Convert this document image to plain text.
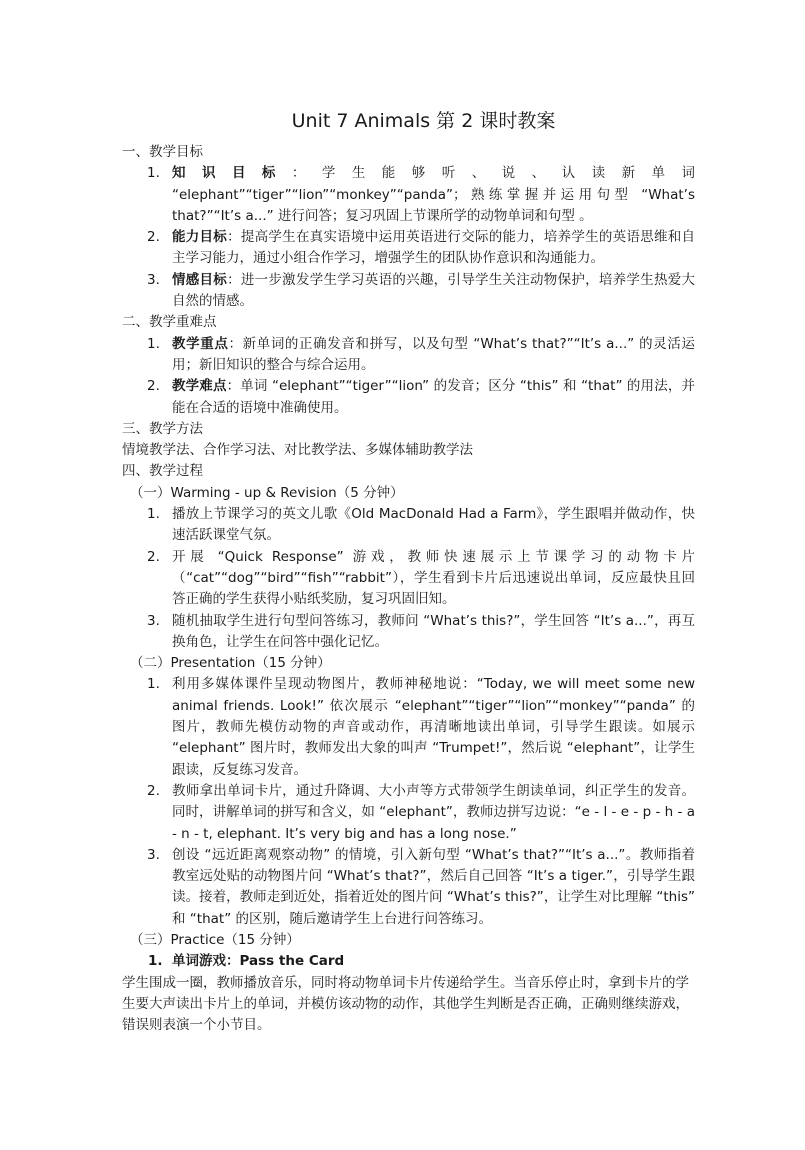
Unit 7 Animals 第 2 课时教案
一、教学目标
1. 知识目标：学生能够听、说、认读新单词 “elephant”“tiger”“lion”“monkey”“panda”；熟练掌握并运用句型 “What’s that?”“It’s a...” 进行问答；复习巩固上节课所学的动物单词和句型 。
2. 能力目标：提高学生在真实语境中运用英语进行交际的能力，培养学生的英语思维和自主学习能力，通过小组合作学习，增强学生的团队协作意识和沟通能力。
3. 情感目标：进一步激发学生学习英语的兴趣，引导学生关注动物保护，培养学生热爱大自然的情感。
二、教学重难点
1. 教学重点：新单词的正确发音和拼写，以及句型 “What’s that?”“It’s a...” 的灵活运用；新旧知识的整合与综合运用。
2. 教学难点：单词 “elephant”“tiger”“lion” 的发音；区分 “this” 和 “that” 的用法，并能在合适的语境中准确使用。
三、教学方法
情境教学法、合作学习法、对比教学法、多媒体辅助教学法
四、教学过程
（一）Warming - up & Revision（5 分钟）
1. 播放上节课学习的英文儿歌《Old MacDonald Had a Farm》，学生跟唱并做动作，快速活跃课堂气氛。
2. 开展 “Quick Response” 游戏，教师快速展示上节课学习的动物卡片（“cat”“dog”“bird”“fish”“rabbit”），学生看到卡片后迅速说出单词，反应最快且回答正确的学生获得小贴纸奖励，复习巩固旧知。
3. 随机抽取学生进行句型问答练习，教师问 “What’s this?”，学生回答 “It’s a...”，再互换角色，让学生在问答中强化记忆。
（二）Presentation（15 分钟）
1. 利用多媒体课件呈现动物图片，教师神秘地说：“Today, we will meet some new animal friends. Look!” 依次展示 “elephant”“tiger”“lion”“monkey”“panda” 的图片，教师先模仿动物的声音或动作，再清晰地读出单词，引导学生跟读。如展示 “elephant” 图片时，教师发出大象的叫声 “Trumpet!”，然后说 “elephant”，让学生跟读，反复练习发音。
2. 教师拿出单词卡片，通过升降调、大小声等方式带领学生朗读单词，纠正学生的发音。同时，讲解单词的拼写和含义，如 “elephant”，教师边拼写边说：“e - l - e - p - h - a - n - t, elephant. It’s very big and has a long nose.”
3. 创设 “远近距离观察动物” 的情境，引入新句型 “What’s that?”“It’s a...”。教师指着教室远处贴的动物图片问 “What’s that?”，然后自己回答 “It’s a tiger.”，引导学生跟读。接着，教师走到近处，指着近处的图片问 “What’s this?”，让学生对比理解 “this” 和 “that” 的区别，随后邀请学生上台进行问答练习。
（三）Practice（15 分钟）
1. 单词游戏：Pass the Card
学生围成一圈，教师播放音乐，同时将动物单词卡片传递给学生。当音乐停止时，拿到卡片的学生要大声读出卡片上的单词，并模仿该动物的动作，其他学生判断是否正确，正确则继续游戏，错误则表演一个小节目。
